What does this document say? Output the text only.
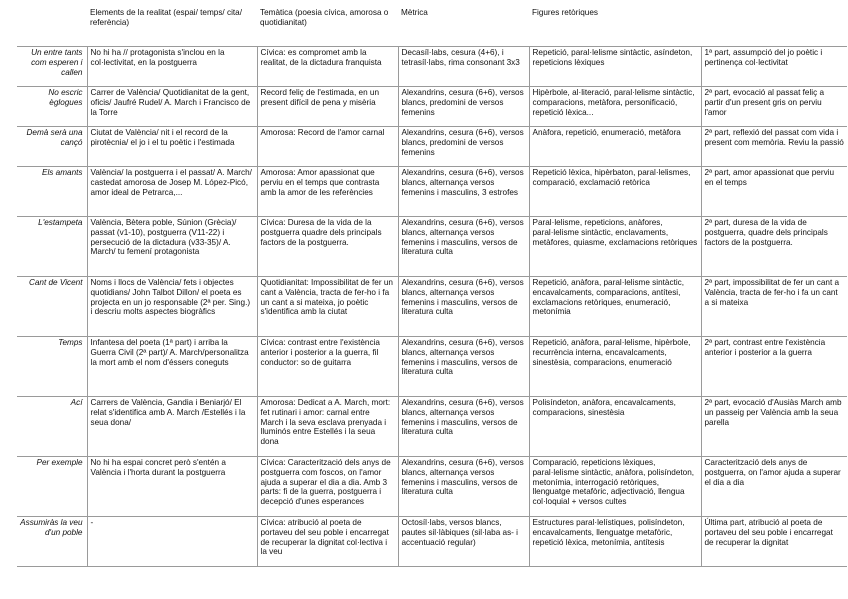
	Elements de la realitat (espai/ temps/ cita/ referència)	Temàtica (poesia cívica, amorosa o quotidianitat)	Mètrica	Figures retòriques	
Un entre tants com esperen i callen	No hi ha // protagonista s'inclou en la col·lectivitat, en la postguerra	Cívica: es compromet amb la realitat, de la dictadura franquista	Decasíl·labs, cesura (4+6), i tetrasíl·labs, rima consonant 3x3	Repetició, paral·lelisme sintàctic, asíndeton, repeticions lèxiques	1ª part, assumpció del jo poètic i pertinença col·lectivitat
No escric èglogues	Carrer de València/ Quotidianitat de la gent, oficis/ Jaufré Rudel/ A. March i Francisco de la Torre	Record feliç de l'estimada, en un present difícil de pena y misèria	Alexandrins, cesura (6+6), versos blancs, predomini de versos femenins	Hipèrbole, al·literació, paral·lelisme sintàctic, comparacions, metàfora, personificació, repetició lèxica...	2ª part, evocació al passat feliç a partir d'un present gris on perviu l'amor
Demà serà una cançó	Ciutat de València/ nit i el record de la pirotècnia/ el jo i el tu poètic i l'estimada	Amorosa: Record de l'amor carnal	Alexandrins, cesura (6+6), versos blancs, predomini de versos femenins	Anàfora, repetició, enumeració, metàfora	2ª part, reflexió del passat com vida i present com memòria. Reviu la passió
Els amants	València/ la postguerra i el passat/ A. March/ castedat amorosa de Josep M. López-Picó, amor ideal de Petrarca,...	Amorosa: Amor apassionat que perviu en el temps que contrasta amb la amor de les referències	Alexandrins, cesura (6+6), versos blancs, alternança versos femenins i masculins, 3 estrofes	Repetició lèxica, hipèrbaton, paral·lelismes, comparació, exclamació retòrica	2ª part, amor apassionat que perviu en el temps
L'estampeta	València, Bètera poble, Súnion (Grècia)/ passat (v1-10), postguerra (V11-22) i persecució de la dictadura (v33-35)/ A. March/ tu femení protagonista	Cívica: Duresa de la vida de la postguerra quadre dels principals factors de la postguerra.	Alexandrins, cesura (6+6), versos blancs, alternança versos femenins i masculins, versos de literatura culta	Paral·lelisme, repeticions, anàfores, paral·lelisme sintàctic, enclavaments, metàfores, quiasme, exclamacions retòriques	2ª part, duresa de la vida de postguerra, quadre dels principals factors de la postguerra.
Cant de Vicent	Noms i llocs de València/ fets i objectes quotidians/ John Talbot Dillon/ el poeta es projecta en un jo responsable (2ª per. Sing.) i descriu molts aspectes biogràfics	Quotidianitat: Impossibilitat de fer un cant a València, tracta de fer-ho i fa un cant a si mateixa, jo poètic s'identifica amb la ciutat	Alexandrins, cesura (6+6), versos blancs, alternança versos femenins i masculins, versos de literatura culta	Repetició, anàfora, paral·lelisme sintàctic, encavalcaments, comparacions, antítesi, exclamacions retòriques, enumeració, metonímia	2ª part, impossibilitat de fer un cant a València, tracta de fer-ho i fa un cant a si mateixa
Temps	Infantesa del poeta (1ª part) i arriba la Guerra Civil (2ª part)/ A. March/personalitza la mort amb el nom d'éssers coneguts	Cívica: contrast entre l'existència anterior i posterior a la guerra, fil conductor: so de guitarra	Alexandrins, cesura (6+6), versos blancs, alternança versos femenins i masculins, versos de literatura culta	Repetició, anàfora, paral·lelisme, hipèrbole, recurrència interna, encavalcaments, sinestèsia, comparacions, enumeració	2ª part, contrast entre l'existència anterior i posterior a la guerra
Ací	Carrers de València, Gandia i Beniarjó/ El relat s'identifica amb A. March /Estellés i la seua dona/	Amorosa: Dedicat a A. March, mort: fet rutinari i amor: carnal entre March i la seva esclava prenyada i lluminós entre Estellés i la seua dona	Alexandrins, cesura (6+6), versos blancs, alternança versos femenins i masculins, versos de literatura culta	Polisíndeton, anàfora, encavalcaments, comparacions, sinestèsia	2ª part, evocació d'Ausiàs March amb un passeig per València amb la seua parella
Per exemple	No hi ha espai concret però s'entén a València i l'horta durant la postguerra	Cívica: Caracterització dels anys de postguerra com foscos, on l'amor ajuda a superar el dia a dia. Amb 3 parts: fi de la guerra, postguerra i decepció d'unes esperances	Alexandrins, cesura (6+6), versos blancs, alternança versos femenins i masculins, versos de literatura culta	Comparació, repeticions lèxiques, paral·lelisme sintàctic, anàfora, polisíndeton, metonímia, interrogació retòriques, llenguatge metafòric, adjectivació, llengua col·loquial + versos cultes	Caracterització dels anys de postguerra, on l'amor ajuda a superar el dia a dia
Assumiràs la veu d'un poble	-	Cívica: atribució al poeta de portaveu del seu poble i encarregat de recuperar la dignitat col·lectiva i la veu	Octosíl·labs, versos blancs, pautes sil·làbiques (sil·laba as- i accentuació regular)	Estructures paral·lelístiques, polisíndeton, encavalcaments, llenguatge metafòric, repetició lèxica, metonímia, antítesis	Última part, atribució al poeta de portaveu del seu poble i encarregat de recuperar la dignitat
